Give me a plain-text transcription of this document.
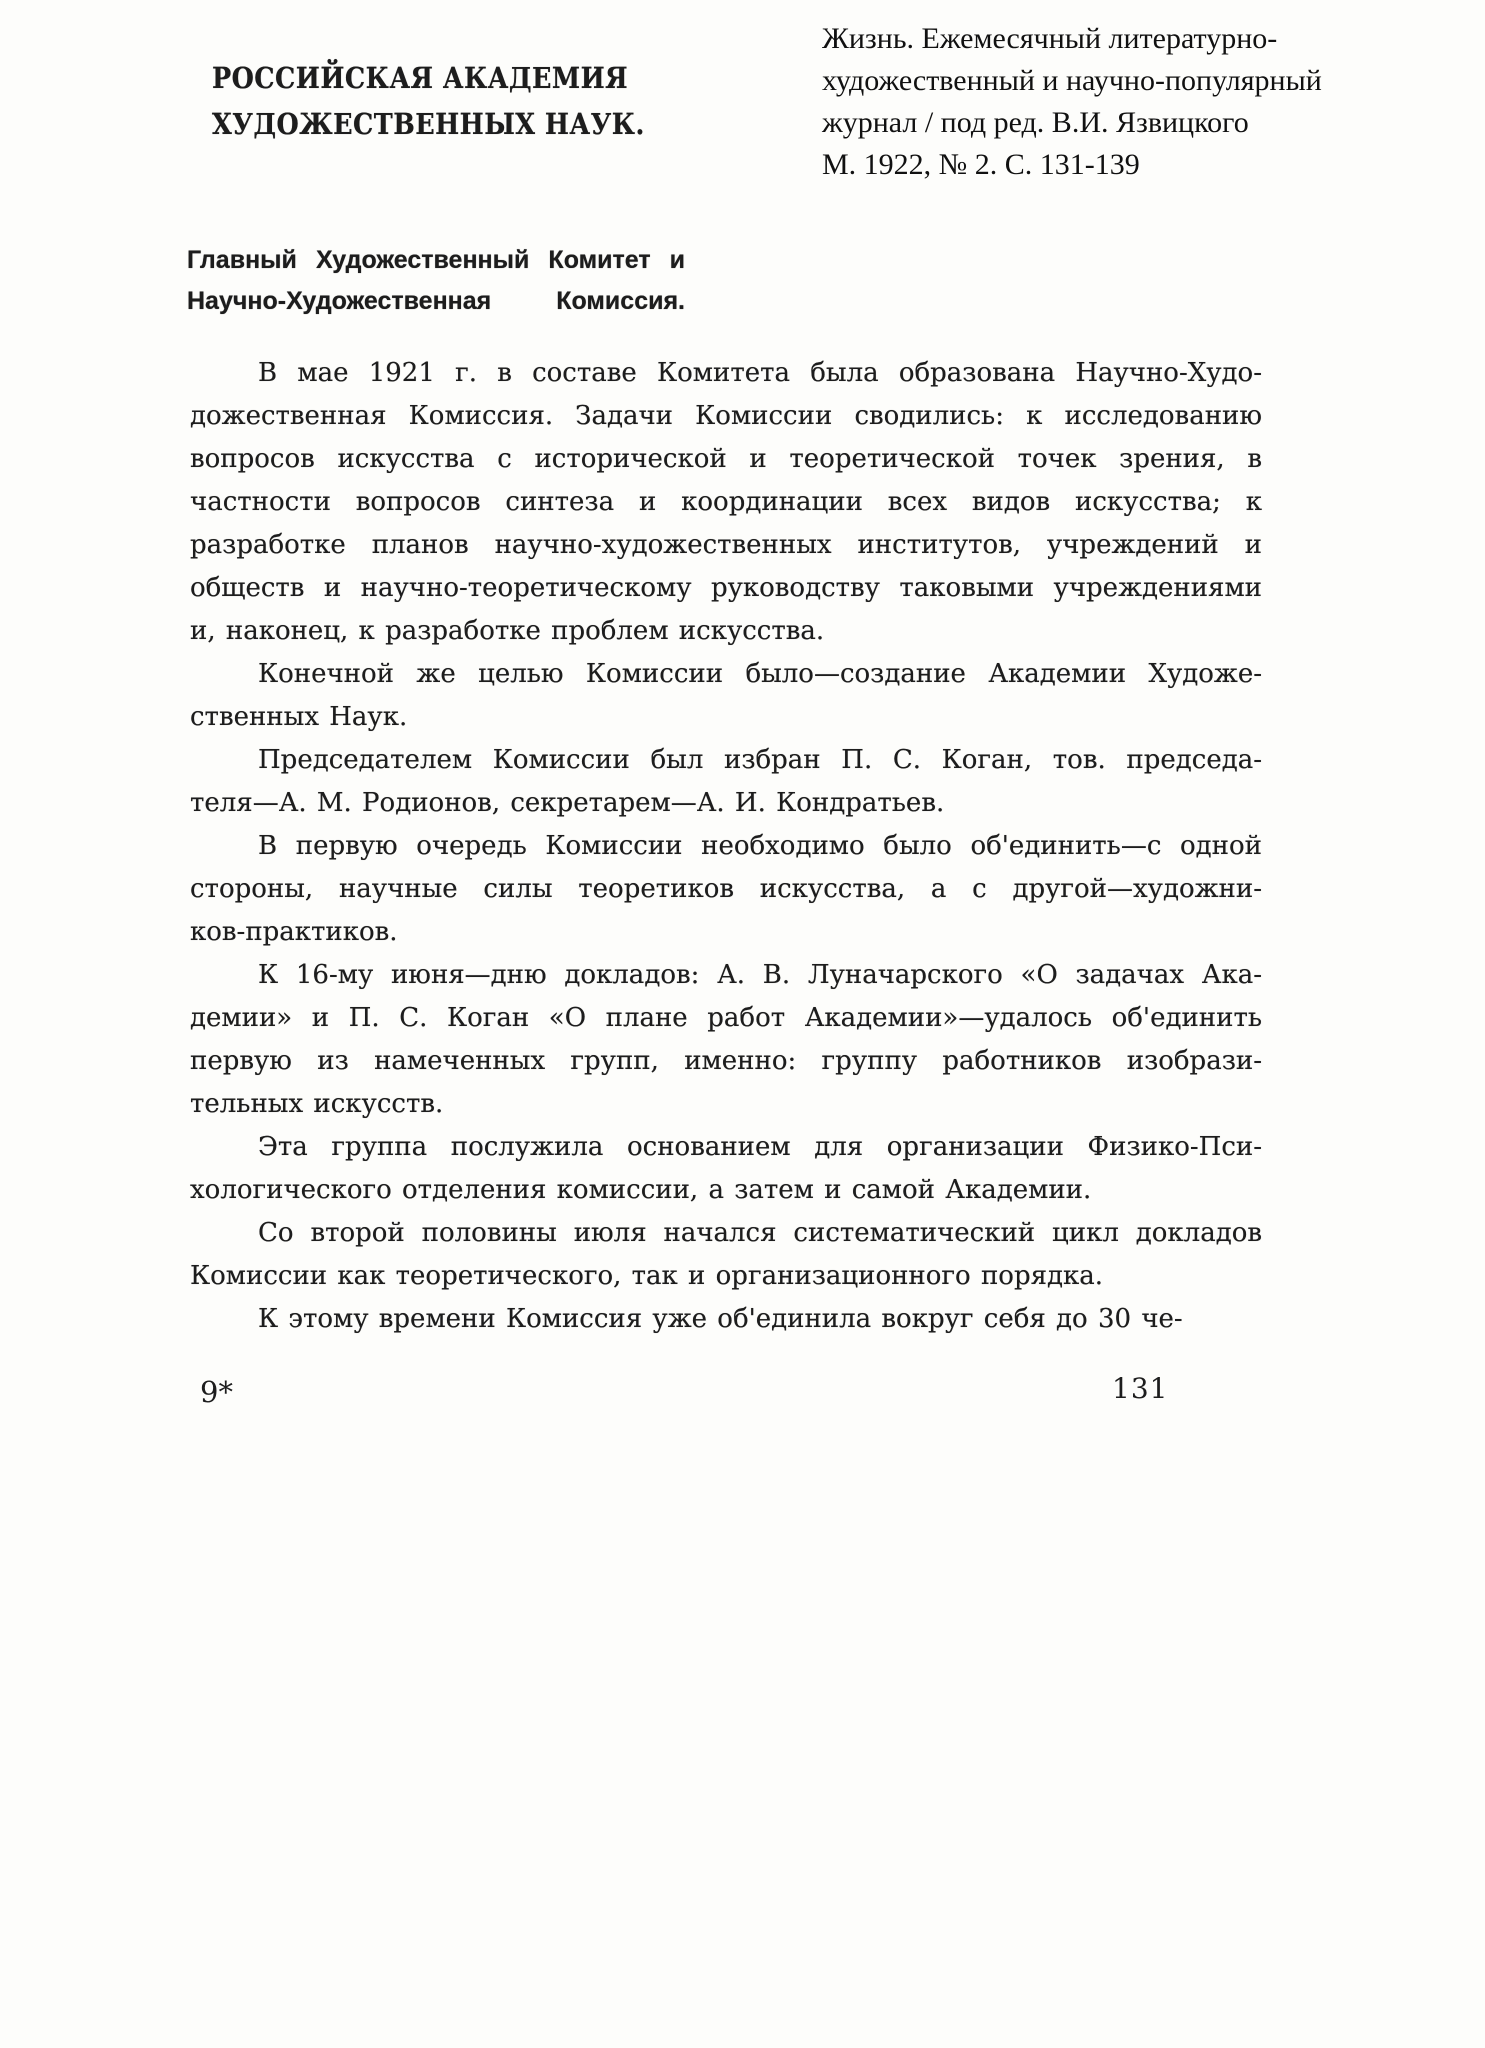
РОССИЙСКАЯ АКАДЕМИЯ
ХУДОЖЕСТВЕННЫХ НАУК.
Жизнь. Ежемесячный литературно-
художественный и научно-популярный
журнал / под ред. В.И. Язвицкого
М. 1922, № 2. С. 131-139
Главный Художественный Комитет и
Научно-Художественная Комиссия.
В мае 1921 г. в составе Комитета была образована Научно-Худо-
дожественная Комиссия. Задачи Комиссии сводились: к исследованию
вопросов искусства с исторической и теоретической точек зрения, в
частности вопросов синтеза и координации всех видов искусства; к
разработке планов научно-художественных институтов, учреждений и
обществ и научно-теоретическому руководству таковыми учреждениями
и, наконец, к разработке проблем искусства.
Конечной же целью Комиссии было—создание Академии Художе-
ственных Наук.
Председателем Комиссии был избран П. С. Коган, тов. председа-
теля—А. М. Родионов, секретарем—А. И. Кондратьев.
В первую очередь Комиссии необходимо было об'единить—с одной
стороны, научные силы теоретиков искусства, а с другой—художни-
ков-практиков.
К 16-му июня—дню докладов: А. В. Луначарского «О задачах Ака-
демии» и П. С. Коган «О плане работ Академии»—удалось об'единить
первую из намеченных групп, именно: группу работников изобрази-
тельных искусств.
Эта группа послужила основанием для организации Физико-Пси-
хологического отделения комиссии, а затем и самой Академии.
Со второй половины июля начался систематический цикл докладов
Комиссии как теоретического, так и организационного порядка.
К этому времени Комиссия уже об'единила вокруг себя до 30 че-
9*	131
